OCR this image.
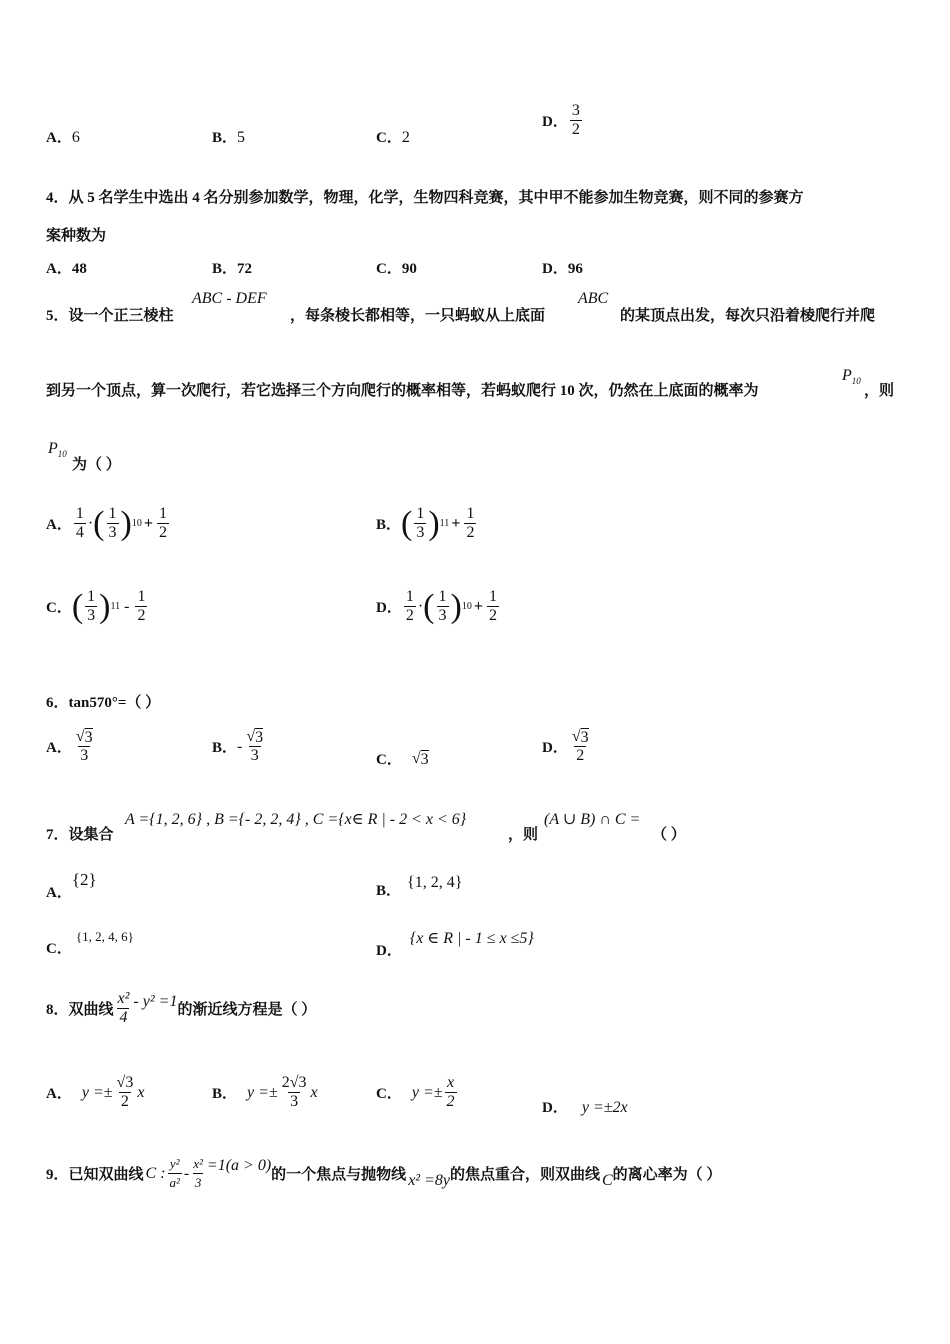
A．6	B．5	C．2
D． $\frac{3}{2}$
4．从 5 名学生中选出 4 名分别参加数学，物理，化学，生物四科竞赛，其中甲不能参加生物竞赛，则不同的参赛方
案种数为
A．48	B．72	C．90	D．96
5．设一个正三棱柱
ABC - DEF
，每条棱长都相等，一只蚂蚁从上底面
ABC
的某顶点出发，每次只沿着棱爬行并爬
到另一个顶点，算一次爬行，若它选择三个方向爬行的概率相等，若蚂蚁爬行 10 次，仍然在上底面的概率为
$P_{10}$
，则
$P_{10}$
为（ ）
A． $\frac{1}{4}$ · ( $\frac{1}{3}$ ) $10 + \frac{1}{2}$	B． ( $\frac{1}{3}$ ) $11 + \frac{1}{2}$
C． ( $\frac{1}{3}$ ) $11 - \frac{1}{2}$	D． $\frac{1}{2}$ · ( $\frac{1}{3}$ ) $10 + \frac{1}{2}$
6．tan570°=（ ）
A． $\frac{√ 3}{3}$	B． - $\frac{√ 3}{3}$	C． √ 3
D． $\frac{√ 3}{2}$
7．设集合
A ={1, 2, 6} , B ={- 2, 2, 4} , C ={x∈ R | - 2 < x < 6}
，则
(A ∪ B) ∩ C =
（ ）
A．{2}
B． {1, 2, 4}
C．{1, 2, 4, 6}
D．{x ∈ R | - 1 ≤ x ≤5}
8．双曲线 $\frac{\text{x²}}{4} - y^2 =1$
的渐近线方程是（ ）
A． $y =\pm \frac{√3}{2}$ x	B． $y =\pm \frac{2√3}{3}$ x	C． $y =\pm \frac{x}{2}$	D． y =±2x
9．已知双曲线 C : $\frac{\text{y²}}{\text{a²}} - \frac{\text{x²}}{3} =1(a > 0)$
的一个焦点与抛物线 x² =8y 的焦点重合，则双曲线 C 的离心率为（ ）
